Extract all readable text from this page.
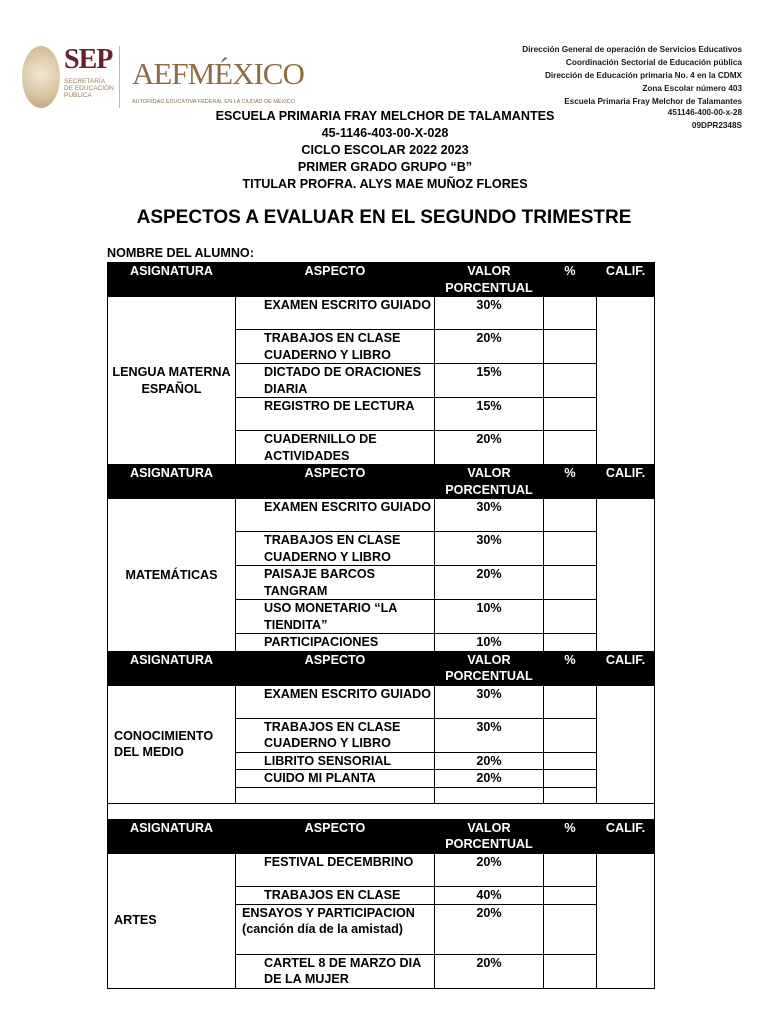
SEP
SECRETARÍA DE EDUCACIÓN PÚBLICA
AEFMÉXICO
AUTORIDAD EDUCATIVA FEDERAL EN LA CIUDAD DE MÉXICO
Dirección General de operación de Servicios Educativos
Coordinación Sectorial de Educación pública
Dirección de Educación primaria No. 4 en la CDMX
Zona Escolar número 403
Escuela Primaria Fray Melchor de Talamantes
451146-400-00-x-28
09DPR2348S
ESCUELA PRIMARIA FRAY MELCHOR DE TALAMANTES
45-1146-403-00-X-028
CICLO ESCOLAR 2022 2023
PRIMER GRADO GRUPO “B”
TITULAR PROFRA. ALYS MAE MUÑOZ FLORES
ASPECTOS A EVALUAR EN EL SEGUNDO TRIMESTRE
NOMBRE DEL ALUMNO:
ASIGNATURA	ASPECTO	VALOR PORCENTUAL	%	CALIF.
LENGUA MATERNA ESPAÑOL	EXAMEN ESCRITO GUIADO	30%		
	TRABAJOS EN CLASE CUADERNO Y LIBRO	20%		
	DICTADO DE ORACIONES DIARIA	15%		
	REGISTRO DE LECTURA	15%		
	CUADERNILLO DE ACTIVIDADES	20%		
ASIGNATURA	ASPECTO	VALOR PORCENTUAL	%	CALIF.
MATEMÁTICAS	EXAMEN ESCRITO GUIADO	30%		
	TRABAJOS EN CLASE CUADERNO Y LIBRO	30%		
	PAISAJE BARCOS TANGRAM	20%		
	USO MONETARIO “LA TIENDITA”	10%		
	PARTICIPACIONES	10%		
ASIGNATURA	ASPECTO	VALOR PORCENTUAL	%	CALIF.
CONOCIMIENTO DEL MEDIO	EXAMEN ESCRITO GUIADO	30%		
	TRABAJOS EN CLASE CUADERNO Y LIBRO	30%		
	LIBRITO SENSORIAL	20%		
	CUIDO MI PLANTA	20%		

ASIGNATURA	ASPECTO	VALOR PORCENTUAL	%	CALIF.
ARTES	FESTIVAL DECEMBRINO	20%		
	TRABAJOS EN CLASE	40%		
	ENSAYOS Y PARTICIPACION (canción día de la amistad)	20%		
	CARTEL 8 DE MARZO DIA DE LA MUJER	20%		
